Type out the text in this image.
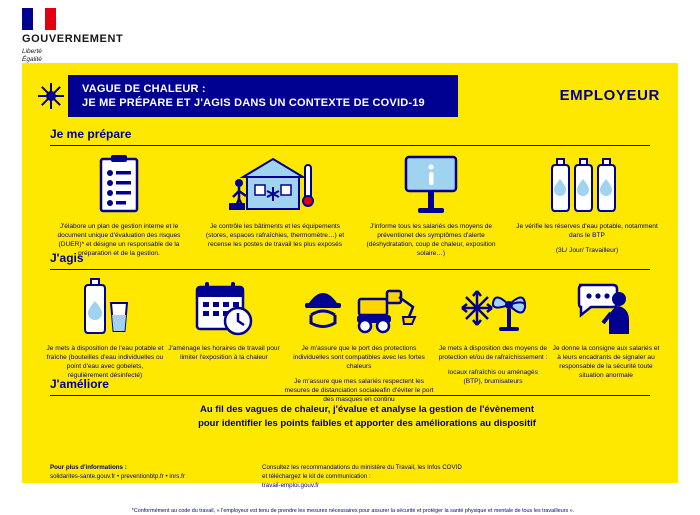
GOUVERNEMENT
Liberté
Égalité
VAGUE DE CHALEUR :
JE ME PRÉPARE ET J'AGIS DANS UN CONTEXTE DE COVID-19	EMPLOYEUR
Je me prépare
J'élabore un plan de gestion interne et le document unique d'évaluation des risques (DUER)* et désigne un responsable de la préparation et de la gestion.
Je contrôle les bâtiments et les équipements (stores, espaces rafraîchies, thermomètre…) et recense les postes de travail les plus exposés
J'informe tous les salariés des moyens de préventionet des symptômes d'alerte (déshydratation, coup de chaleur, exposition solaire…)
Je vérifie les réserves d'eau potable, notamment dans le BTP
(3L/ Jour/ Travailleur)
J'agis
Je mets à disposition de l'eau potable et fraîche (bouteilles d'eau individuelles ou point d'eau avec gobelets, régulièrement désinfecté)
J'aménage les horaires de travail pour limiter l'exposition à la chaleur
Je m'assure que le port des protections individuelles sont compatibles avec les fortes chaleurs
Je m'assure que mes salariés respectent les mesures de distanciation socialeafin d'éviter le port des masques en continu
Je mets à disposition des moyens de protection et/ou de rafraîchissement :
locaux rafraîchis ou aménagés (BTP), brumisateurs
Je donne la consigne aux salariés et à leurs encadrants de signaler au responsable de la sécurité toute situation anormale
J'améliore
Au fil des vagues de chaleur, j'évalue et analyse la gestion de l'évènement
pour identifier les points faibles et apporter des améliorations au dispositif
Pour plus d'informations :
solidarites-sante.gouv.fr • preventionbtp.fr • inrs.fr
Consultez les recommandations du ministère du Travail, les Infos COVID
et téléchargez le kit de communication :
travail-emploi.gouv.fr
*Conformément au code du travail, « l'employeur est tenu de prendre les mesures nécessaires pour assurer la sécurité et protéger la santé physique et mentale de tous les travailleurs ».
